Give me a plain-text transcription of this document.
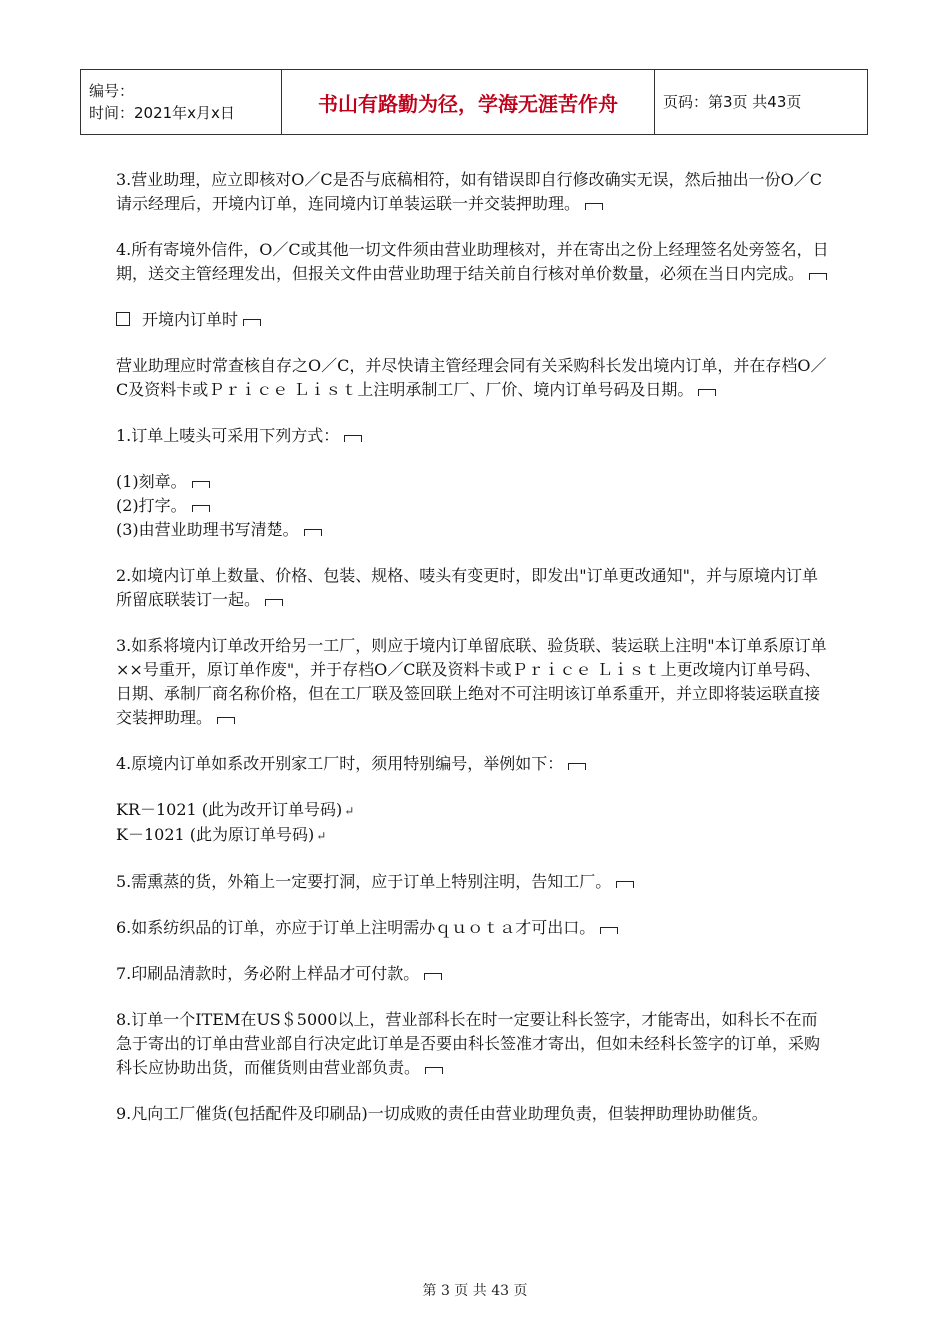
编号：
时间：2021年x月x日	书山有路勤为径，学海无涯苦作舟	页码：第3页 共43页

3.营业助理，应立即核对O／C是否与底稿相符，如有错误即自行修改确实无误，然后抽出一份O／C请示经理后，开境内订单，连同境内订单装运联一并交装押助理。

4.所有寄境外信件，O／C或其他一切文件须由营业助理核对，并在寄出之份上经理签名处旁签名，日期，送交主管经理发出，但报关文件由营业助理于结关前自行核对单价数量，必须在当日内完成。

开境内订单时

营业助理应时常查核自存之O／C，并尽快请主管经理会同有关采购科长发出境内订单，并在存档O／C及资料卡或Ｐｒｉｃｅ Ｌｉｓｔ上注明承制工厂、厂价、境内订单号码及日期。

1.订单上唛头可采用下列方式：

(1)刻章。

(2)打字。

(3)由营业助理书写清楚。

2.如境内订单上数量、价格、包装、规格、唛头有变更时，即发出"订单更改通知"，并与原境内订单所留底联装订一起。

3.如系将境内订单改开给另一工厂，则应于境内订单留底联、验货联、装运联上注明"本订单系原订单××号重开，原订单作废"，并于存档O／C联及资料卡或Ｐｒｉｃｅ Ｌｉｓｔ上更改境内订单号码、日期、承制厂商名称价格，但在工厂联及签回联上绝对不可注明该订单系重开，并立即将装运联直接交装押助理。

4.原境内订单如系改开别家工厂时，须用特别编号，举例如下：

KR－1021 (此为改开订单号码) ↵

K－1021 (此为原订单号码) ↵

5.需熏蒸的货，外箱上一定要打洞，应于订单上特别注明，告知工厂。

6.如系纺织品的订单，亦应于订单上注明需办ｑｕｏｔａ才可出口。

7.印刷品清款时，务必附上样品才可付款。

8.订单一个ITEM在US＄5000以上，营业部科长在时一定要让科长签字，才能寄出，如科长不在而急于寄出的订单由营业部自行决定此订单是否要由科长签准才寄出，但如未经科长签字的订单，采购科长应协助出货，而催货则由营业部负责。

9.凡向工厂催货(包括配件及印刷品)一切成败的责任由营业助理负责，但装押助理协助催货。

第 3 页 共 43 页
